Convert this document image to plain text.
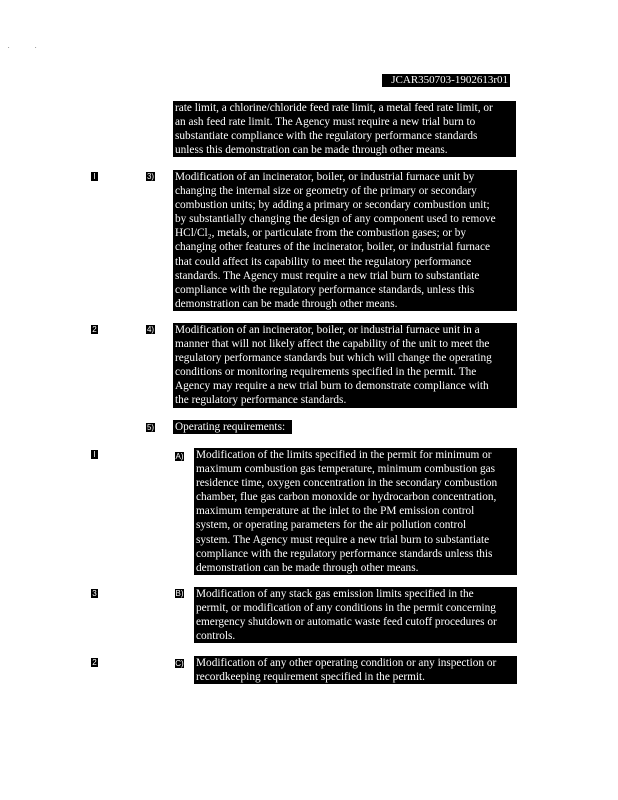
. .
JCAR350703-1902613r01

rate limit, a chlorine/chloride feed rate limit, a metal feed rate limit, or

an ash feed rate limit. The Agency must require a new trial burn to

substantiate compliance with the regulatory performance standards

unless this demonstration can be made through other means.

I	3) Modification of an incinerator, boiler, or industrial furnace unit by

changing the internal size or geometry of the primary or secondary

combustion units; by adding a primary or secondary combustion unit;

by substantially changing the design of any component used to remove

HCl/Cl₂, metals, or particulate from the combustion gases; or by

changing other features of the incinerator, boiler, or industrial furnace

that could affect its capability to meet the regulatory performance

standards. The Agency must require a new trial burn to substantiate

compliance with the regulatory performance standards, unless this

demonstration can be made through other means.

2	4) Modification of an incinerator, boiler, or industrial furnace unit in a

manner that will not likely affect the capability of the unit to meet the

regulatory performance standards but which will change the operating

conditions or monitoring requirements specified in the permit. The

Agency may require a new trial burn to demonstrate compliance with

the regulatory performance standards.

5) Operating requirements:

I	A) Modification of the limits specified in the permit for minimum or

maximum combustion gas temperature, minimum combustion gas

residence time, oxygen concentration in the secondary combustion

chamber, flue gas carbon monoxide or hydrocarbon concentration,

maximum temperature at the inlet to the PM emission control

system, or operating parameters for the air pollution control

system. The Agency must require a new trial burn to substantiate

compliance with the regulatory performance standards unless this

demonstration can be made through other means.

3	B) Modification of any stack gas emission limits specified in the

permit, or modification of any conditions in the permit concerning

emergency shutdown or automatic waste feed cutoff procedures or

controls.

2	C) Modification of any other operating condition or any inspection or

recordkeeping requirement specified in the permit.
